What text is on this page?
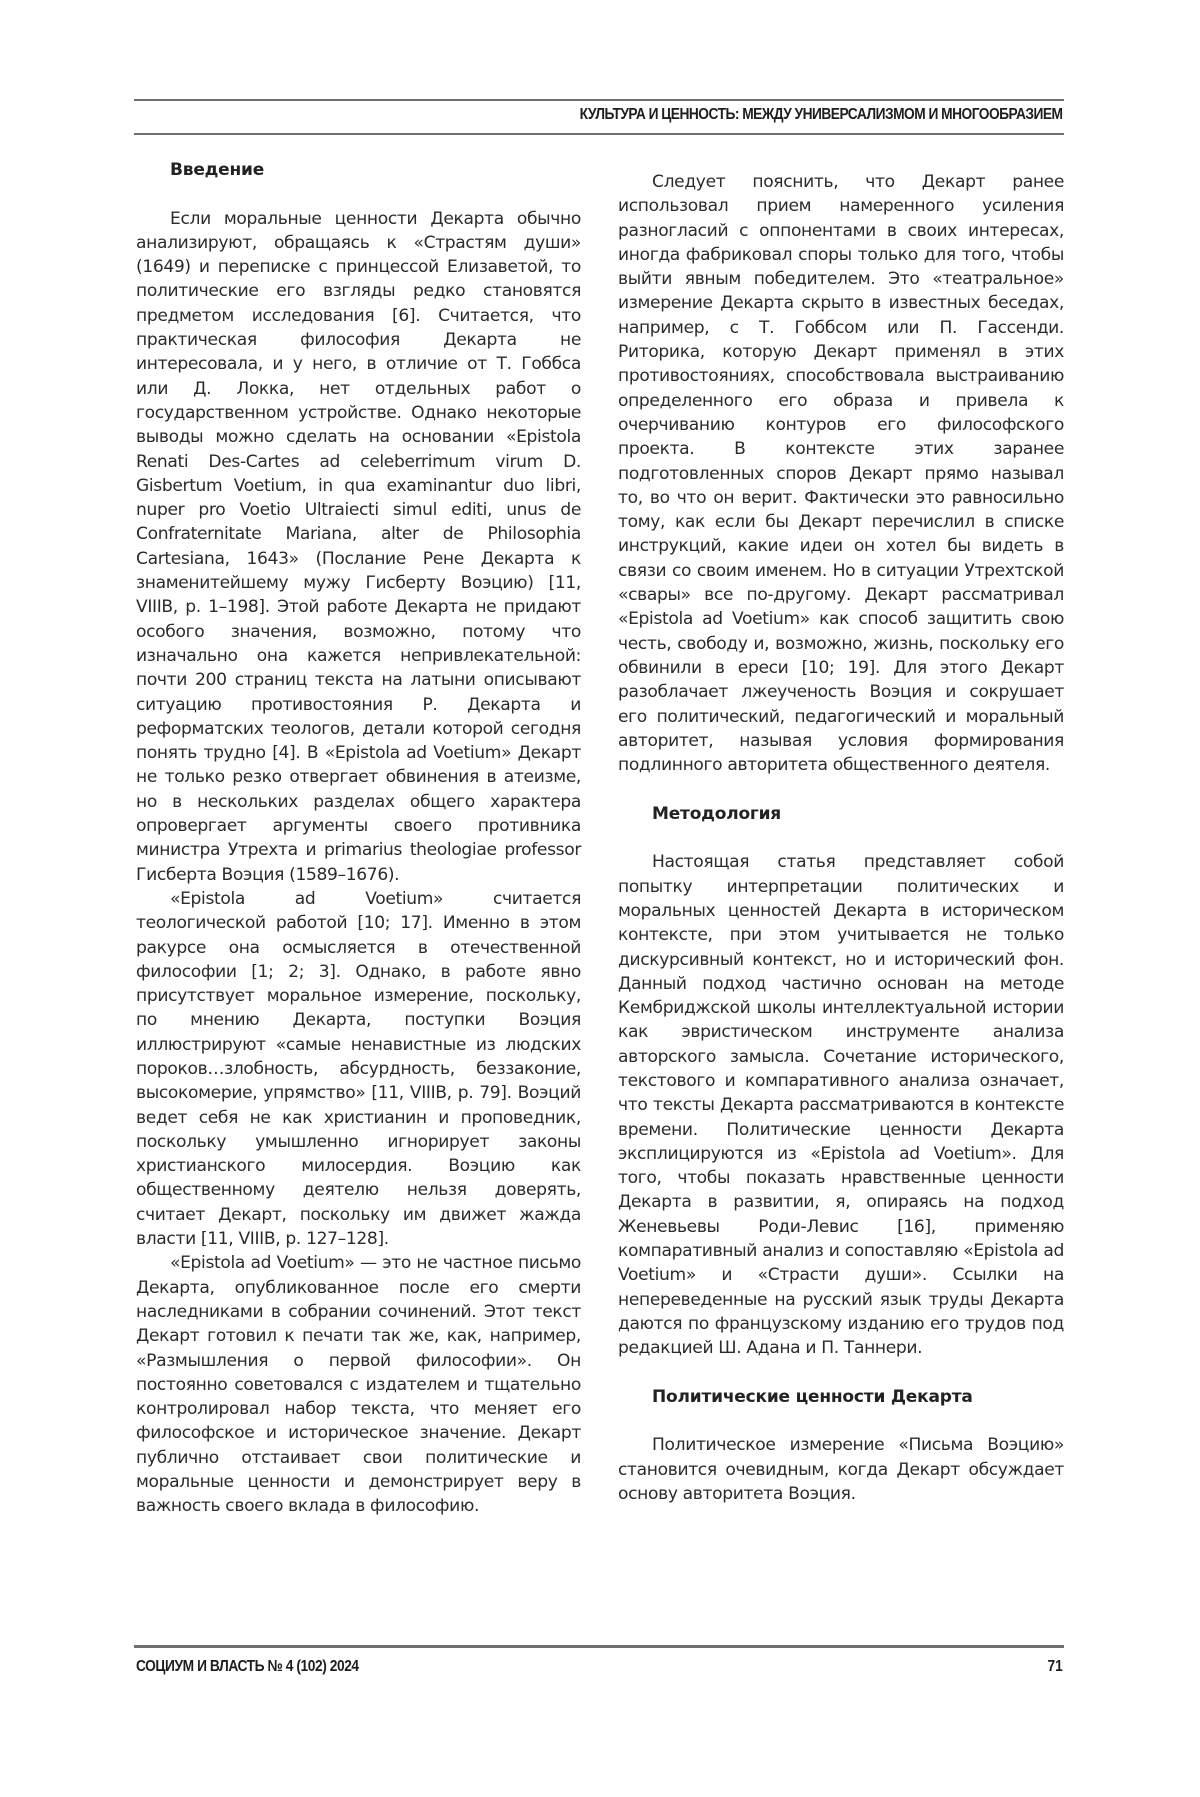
КУЛЬТУРА И ЦЕННОСТЬ: МЕЖДУ УНИВЕРСАЛИЗМОМ И МНОГООБРАЗИЕМ
Введение

Если моральные ценности Декарта обычно анализируют, обращаясь к «Страстям души» (1649) и переписке с принцессой Елизаветой, то политические его взгляды редко становятся предметом исследования [6]. Считается, что практическая философия Декарта не интересовала, и у него, в отличие от Т. Гоббса или Д. Локка, нет отдельных работ о государственном устройстве. Однако некоторые выводы можно сделать на основании «Epistola Renati Des-Cartes ad celeberrimum virum D. Gisbertum Voetium, in qua examinantur duo libri, nuper pro Voetio Ultraiecti simul editi, unus de Confraternitate Mariana, alter de Philosophia Cartesiana, 1643» (Послание Рене Декарта к знаменитейшему мужу Гисберту Воэцию) [11, VIIIB, p. 1–198]. Этой работе Декарта не придают особого значения, возможно, потому что изначально она кажется непривлекательной: почти 200 страниц текста на латыни описывают ситуацию противостояния Р. Декарта и реформатских теологов, детали которой сегодня понять трудно [4]. В «Epistola ad Voetium» Декарт не только резко отвергает обвинения в атеизме, но в нескольких разделах общего характера опровергает аргументы своего противника министра Утрехта и primarius theologiae professor Гисберта Воэция (1589–1676).

«Epistola ad Voetium» считается теологической работой [10; 17]. Именно в этом ракурсе она осмысляется в отечественной философии [1; 2; 3]. Однако, в работе явно присутствует моральное измерение, поскольку, по мнению Декарта, поступки Воэция иллюстрируют «самые ненавистные из людских пороков…злобность, абсурдность, беззаконие, высокомерие, упрямство» [11, VIIIB, p. 79]. Воэций ведет себя не как христианин и проповедник, поскольку умышленно игнорирует законы христианского милосердия. Воэцию как общественному деятелю нельзя доверять, считает Декарт, поскольку им движет жажда власти [11, VIIIB, p. 127–128].

«Epistola ad Voetium» — это не частное письмо Декарта, опубликованное после его смерти наследниками в собрании сочинений. Этот текст Декарт готовил к печати так же, как, например, «Размышления о первой философии». Он постоянно советовался с издателем и тщательно контролировал набор текста, что меняет его философское и историческое значение. Декарт публично отстаивает свои политические и моральные ценности и демонстрирует веру в важность своего вклада в философию.

Следует пояснить, что Декарт ранее использовал прием намеренного усиления разногласий с оппонентами в своих интересах, иногда фабриковал споры только для того, чтобы выйти явным победителем. Это «театральное» измерение Декарта скрыто в известных беседах, например, с Т. Гоббсом или П. Гассенди. Риторика, которую Декарт применял в этих противостояниях, способствовала выстраиванию определенного его образа и привела к очерчиванию контуров его философского проекта. В контексте этих заранее подготовленных споров Декарт прямо называл то, во что он верит. Фактически это равносильно тому, как если бы Декарт перечислил в списке инструкций, какие идеи он хотел бы видеть в связи со своим именем. Но в ситуации Утрехтской «свары» все по-другому. Декарт рассматривал «Epistola ad Voetium» как способ защитить свою честь, свободу и, возможно, жизнь, поскольку его обвинили в ереси [10; 19]. Для этого Декарт разоблачает лжеученость Воэция и сокрушает его политический, педагогический и моральный авторитет, называя условия формирования подлинного авторитета общественного деятеля.

Методология

Настоящая статья представляет собой попытку интерпретации политических и моральных ценностей Декарта в историческом контексте, при этом учитывается не только дискурсивный контекст, но и исторический фон. Данный подход частично основан на методе Кембриджской школы интеллектуальной истории как эвристическом инструменте анализа авторского замысла. Сочетание исторического, текстового и компаративного анализа означает, что тексты Декарта рассматриваются в контексте времени. Политические ценности Декарта эксплицируются из «Epistola ad Voetium». Для того, чтобы показать нравственные ценности Декарта в развитии, я, опираясь на подход Женевьевы Роди-Левис [16], применяю компаративный анализ и сопоставляю «Epistola ad Voetium» и «Страсти души». Ссылки на непереведенные на русский язык труды Декарта даются по французскому изданию его трудов под редакцией Ш. Адана и П. Таннери.

Политические ценности Декарта

Политическое измерение «Письма Воэцию» становится очевидным, когда Декарт обсуждает основу авторитета Воэция.

СОЦИУМ И ВЛАСТЬ № 4 (102) 2024	71
